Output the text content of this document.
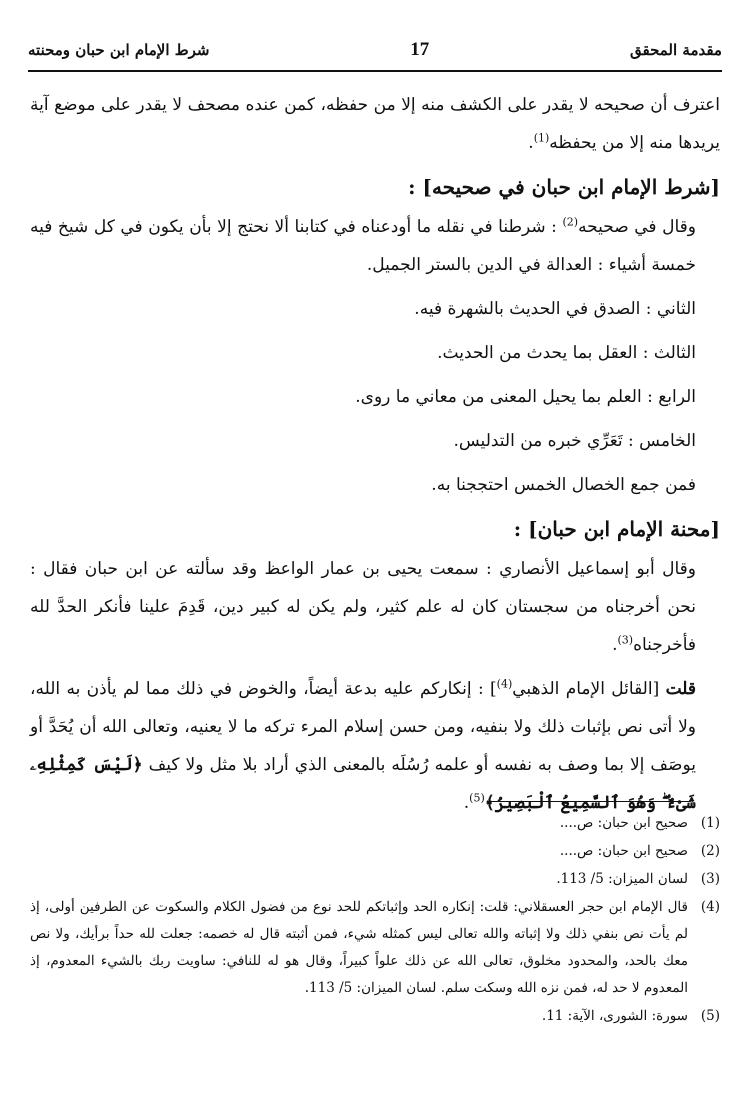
شرط الإمام ابن حبان ومحنته	17	مقدمة المحقق

اعترف أن صحيحه لا يقدر على الكشف منه إلا من حفظه، كمن عنده مصحف لا يقدر على موضع آية يريدها منه إلا من يحفظه$^{(1)}$.

[شرط الإمام ابن حبان في صحيحه] :

وقال في صحيحه$^{(2)}$ : شرطنا في نقله ما أودعناه في كتابنا ألا نحتج إلا بأن يكون في كل شيخ فيه خمسة أشياء : العدالة في الدين بالستر الجميل.

الثاني : الصدق في الحديث بالشهرة فيه.

الثالث : العقل بما يحدث من الحديث.

الرابع : العلم بما يحيل المعنى من معاني ما روى.

الخامس : تَعَرِّي خبره من التدليس.

فمن جمع الخصال الخمس احتججنا به.

[محنة الإمام ابن حبان] :

وقال أبو إسماعيل الأنصاري : سمعت يحيى بن عمار الواعظ وقد سألته عن ابن حبان فقال : نحن أخرجناه من سجستان كان له علم كثير، ولم يكن له كبير دين، قَدِمَ علينا فأنكر الحدَّ لله فأخرجناه$^{(3)}$.

قلت [القائل الإمام الذهبي$^{(4)}$] : إنكاركم عليه بدعة أيضاً، والخوض في ذلك مما لم يأذن به الله، ولا أتى نص بإثبات ذلك ولا بنفيه، ومن حسن إسلام المرء تركه ما لا يعنيه، وتعالى الله أن يُحَدَّ أو يوصَف إلا بما وصف به نفسه أو علمه رُسُلَه بالمعنى الذي أراد بلا مثل ولا كيف ﴿لَيْسَ كَمِثْلِهِۦ شَىْءٌ ۖ وَهُوَ ٱلسَّمِيعُ ٱلْبَصِيرُ﴾$^{(5)}$.

(1)
صحيح ابن حبان: ص....
(2)
صحيح ابن حبان: ص....
(3)
لسان الميزان: 5/ 113.
(4)
قال الإمام ابن حجر العسقلاني: قلت: إنكاره الحد وإثباتكم للحد نوع من فضول الكلام والسكوت عن الطرفين أولى، إذ لم يأت نص بنفي ذلك ولا إثباته والله تعالى ليس كمثله شيء، فمن أثبته قال له خصمه: جعلت لله حداً برأيك، ولا نص معك بالحد، والمحدود مخلوق، تعالى الله عن ذلك علواً كبيراً، وقال هو له للنافي: ساويت ربك بالشيء المعدوم، إذ المعدوم لا حد له، فمن نزه الله وسكت سلم. لسان الميزان: 5/ 113.
(5)
سورة: الشورى، الآية: 11.
